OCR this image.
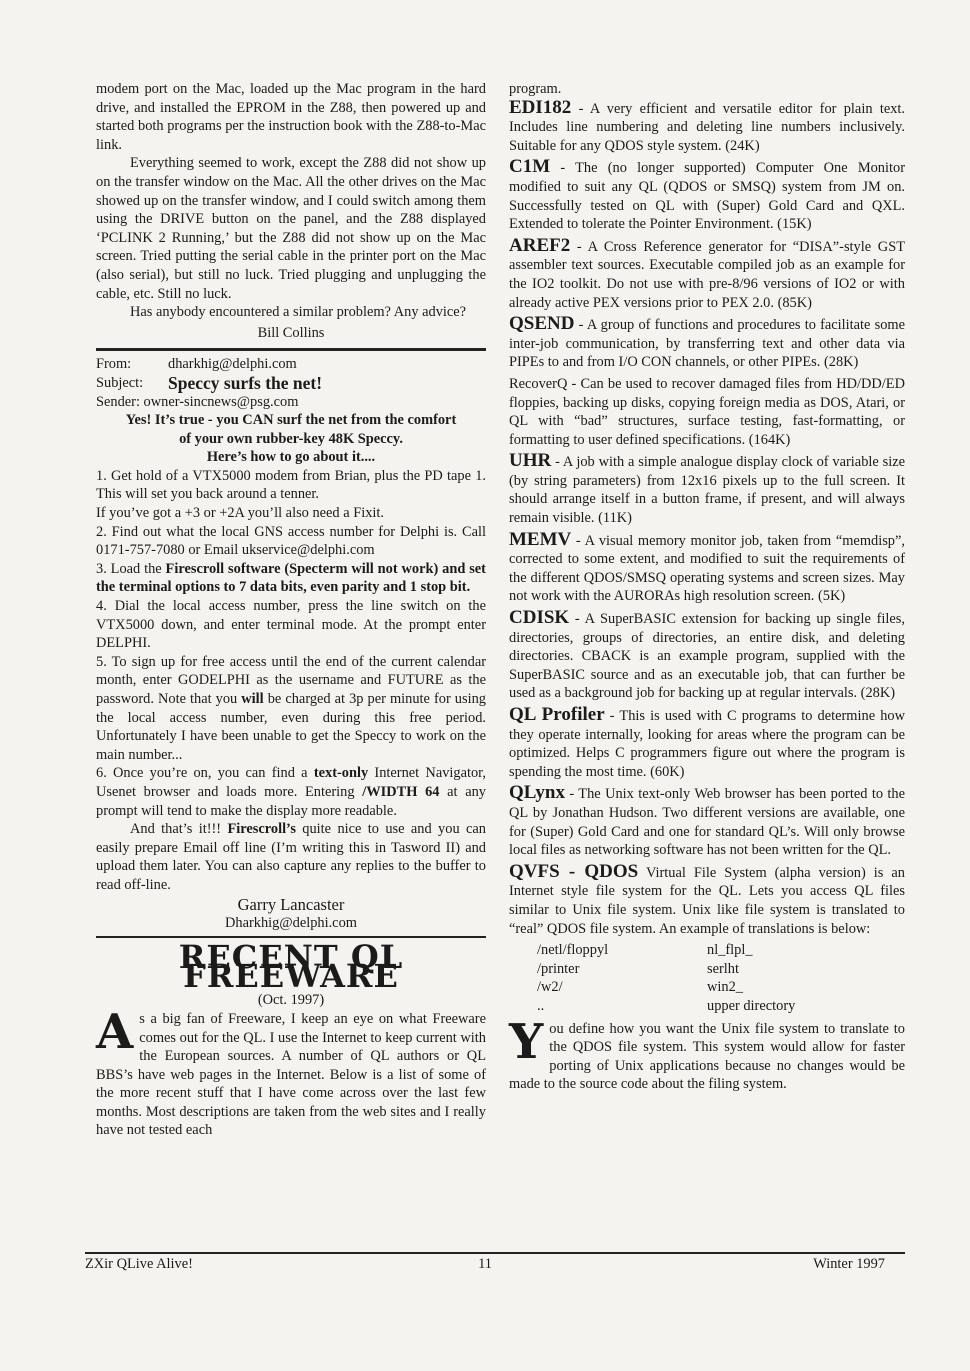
modem port on the Mac, loaded up the Mac program in the hard drive, and installed the EPROM in the Z88, then powered up and started both programs per the instruction book with the Z88-to-Mac link.

Everything seemed to work, except the Z88 did not show up on the transfer window on the Mac. All the other drives on the Mac showed up on the transfer window, and I could switch among them using the DRIVE button on the panel, and the Z88 displayed ‘PCLINK 2 Running,’ but the Z88 did not show up on the Mac screen. Tried putting the serial cable in the printer port on the Mac (also serial), but still no luck. Tried plugging and unplugging the cable, etc. Still no luck.

Has anybody encountered a similar problem? Any advice?

Bill Collins

From:	dharkhig@delphi.com
Subject:	Speccy surfs the net!

Sender: owner-sincnews@psg.com

Yes! It’s true - you CAN surf the net from the comfort

of your own rubber-key 48K Speccy.

Here’s how to go about it....

1. Get hold of a VTX5000 modem from Brian, plus the PD tape 1. This will set you back around a tenner.

If you’ve got a +3 or +2A you’ll also need a Fixit.

2. Find out what the local GNS access number for Delphi is. Call 0171-757-7080 or Email ukservice@delphi.com

3. Load the Firescroll software (Specterm will not work) and set the terminal options to 7 data bits, even parity and 1 stop bit.

4. Dial the local access number, press the line switch on the VTX5000 down, and enter terminal mode. At the prompt enter DELPHI.

5. To sign up for free access until the end of the current calendar month, enter GODELPHI as the username and FUTURE as the password. Note that you will be charged at 3p per minute for using the local access number, even during this free period. Unfortunately I have been unable to get the Speccy to work on the main number...

6. Once you’re on, you can find a text-only Internet Navigator, Usenet browser and loads more. Entering /WIDTH 64 at any prompt will tend to make the display more readable.

And that’s it!!! Firescroll’s quite nice to use and you can easily prepare Email off line (I’m writing this in Tasword II) and upload them later. You can also capture any replies to the buffer to read off-line.

Garry Lancaster

Dharkhig@delphi.com

RECENT QL FREEWARE

(Oct. 1997)

As a big fan of Freeware, I keep an eye on what Freeware comes out for the QL. I use the Internet to keep current with the European sources. A number of QL authors or QL BBS’s have web pages in the Internet. Below is a list of some of the more recent stuff that I have come across over the last few months. Most descriptions are taken from the web sites and I really have not tested each

program.

EDI182 - A very efficient and versatile editor for plain text. Includes line numbering and deleting line numbers inclusively. Suitable for any QDOS style system. (24K)

C1M - The (no longer supported) Computer One Monitor modified to suit any QL (QDOS or SMSQ) system from JM on. Successfully tested on QL with (Super) Gold Card and QXL. Extended to tolerate the Pointer Environment. (15K)

AREF2 - A Cross Reference generator for “DISA”-style GST assembler text sources. Executable compiled job as an example for the IO2 toolkit. Do not use with pre-8/96 versions of IO2 or with already active PEX versions prior to PEX 2.0. (85K)

QSEND - A group of functions and procedures to facilitate some inter-job communication, by transferring text and other data via PIPEs to and from I/O CON channels, or other PIPEs. (28K)

RecoverQ - Can be used to recover damaged files from HD/DD/ED floppies, backing up disks, copying foreign media as DOS, Atari, or QL with “bad” structures, surface testing, fast-formatting, or formatting to user defined specifications. (164K)

UHR - A job with a simple analogue display clock of variable size (by string parameters) from 12x16 pixels up to the full screen. It should arrange itself in a button frame, if present, and will always remain visible. (11K)

MEMV - A visual memory monitor job, taken from “memdisp”, corrected to some extent, and modified to suit the requirements of the different QDOS/SMSQ operating systems and screen sizes. May not work with the AURORAs high resolution screen. (5K)

CDISK - A SuperBASIC extension for backing up single files, directories, groups of directories, an entire disk, and deleting directories. CBACK is an example program, supplied with the SuperBASIC source and as an executable job, that can further be used as a background job for backing up at regular intervals. (28K)

QL Profiler - This is used with C programs to determine how they operate internally, looking for areas where the program can be optimized. Helps C programmers figure out where the program is spending the most time. (60K)

QLynx - The Unix text-only Web browser has been ported to the QL by Jonathan Hudson. Two different versions are available, one for (Super) Gold Card and one for standard QL’s. Will only browse local files as networking software has not been written for the QL.

QVFS - QDOS Virtual File System (alpha version) is an Internet style file system for the QL. Lets you access QL files similar to Unix file system. Unix like file system is translated to “real” QDOS file system. An example of translations is below:

/netl/floppyl	nl_flpl_
/printer	serlht
/w2/	win2_
..	upper directory

You define how you want the Unix file system to translate to the QDOS file system. This system would allow for faster porting of Unix applications because no changes would be made to the source code about the filing system.

ZXir QLive Alive!	11	Winter 1997
